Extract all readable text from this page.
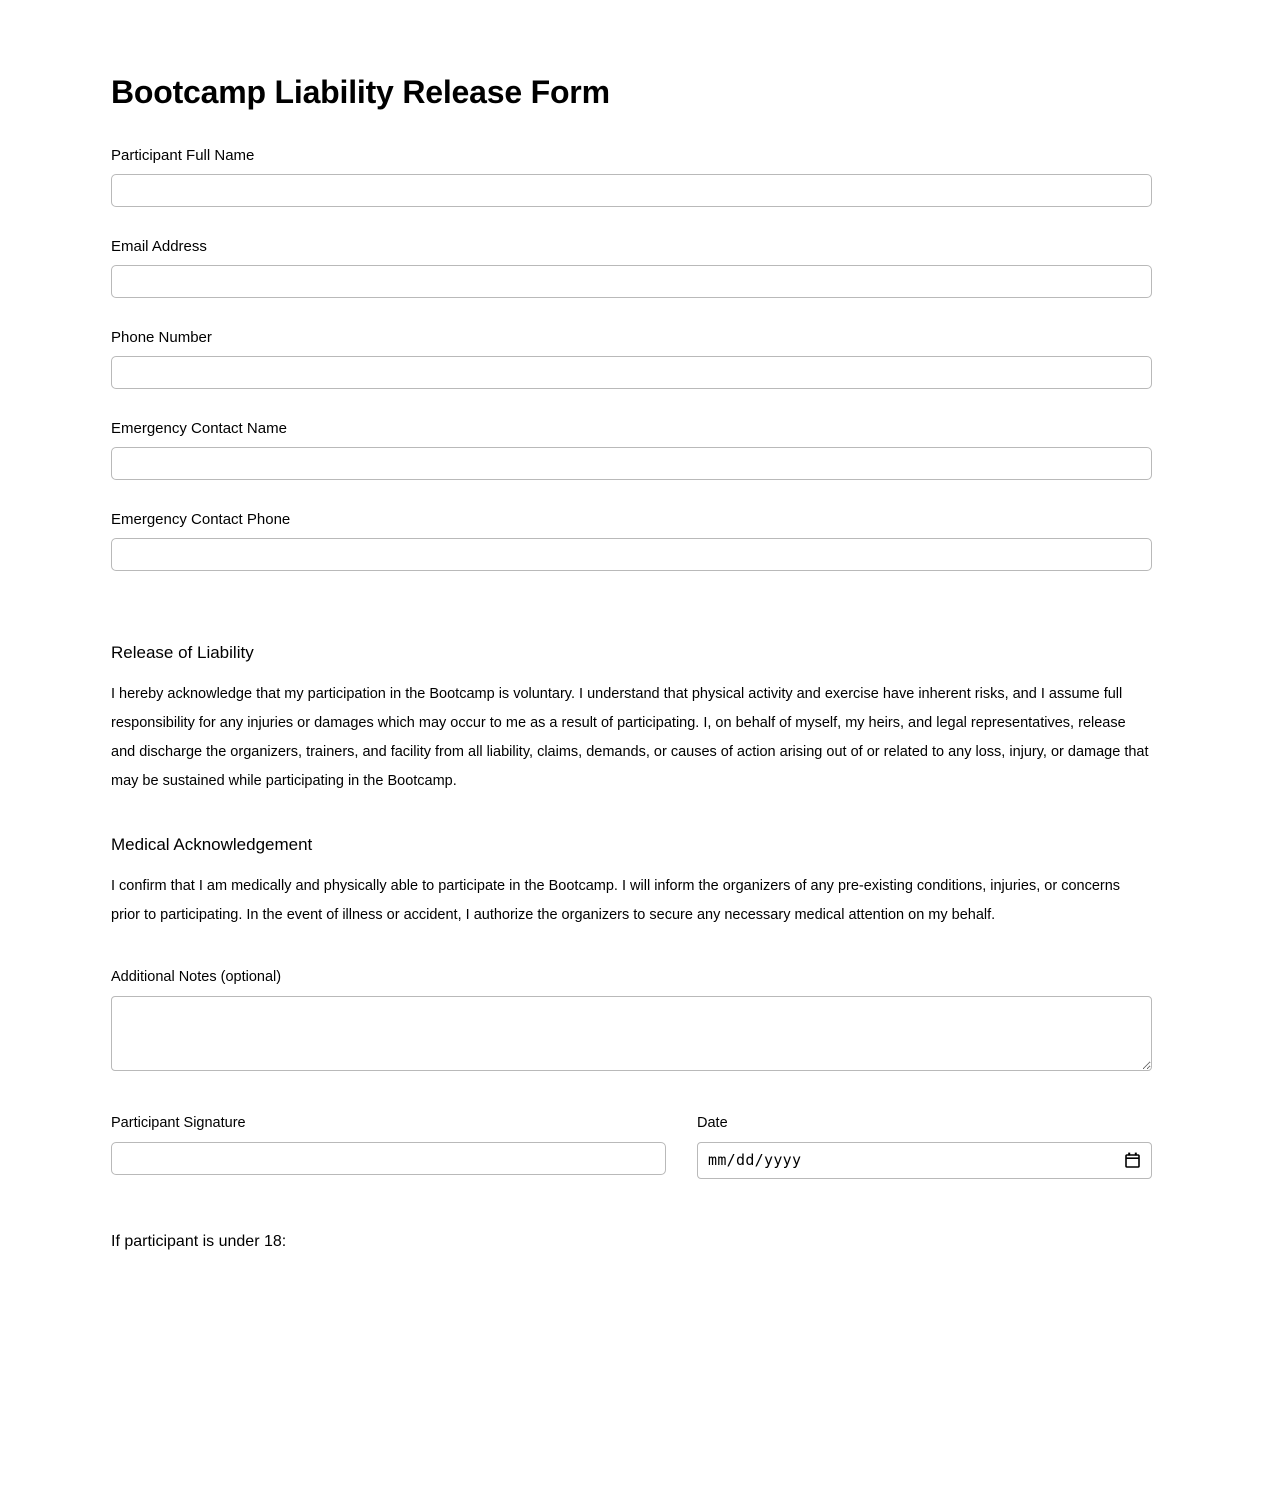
Bootcamp Liability Release Form
Participant Full Name
Email Address
Phone Number
Emergency Contact Name
Emergency Contact Phone
Release of Liability

I hereby acknowledge that my participation in the Bootcamp is voluntary. I understand that physical activity and exercise have inherent risks, and I assume full responsibility for any injuries or damages which may occur to me as a result of participating. I, on behalf of myself, my heirs, and legal representatives, release and discharge the organizers, trainers, and facility from all liability, claims, demands, or causes of action arising out of or related to any loss, injury, or damage that may be sustained while participating in the Bootcamp.

Medical Acknowledgement

I confirm that I am medically and physically able to participate in the Bootcamp. I will inform the organizers of any pre-existing conditions, injuries, or concerns prior to participating. In the event of illness or accident, I authorize the organizers to secure any necessary medical attention on my behalf.

Additional Notes (optional)
Participant Signature	Date
mm/dd/yyyy
If participant is under 18:
